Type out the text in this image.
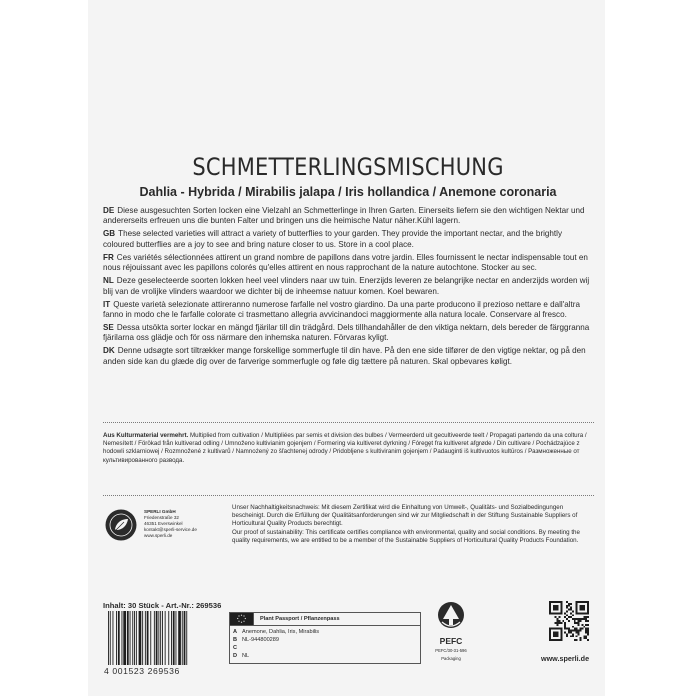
SCHMETTERLINGSMISCHUNG
Dahlia - Hybrida / Mirabilis jalapa / Iris hollandica / Anemone coronaria
DE Diese ausgesuchten Sorten locken eine Vielzahl an Schmetterlinge in Ihren Garten. Einerseits liefern sie den wichtigen Nektar und andererseits erfreuen uns die bunten Falter und bringen uns die heimische Natur näher.Kühl lagern.
GB These selected varieties will attract a variety of butterflies to your garden. They provide the important nectar, and the brightly coloured butterflies are a joy to see and bring nature closer to us. Store in a cool place.
FR Ces variétés sélectionnées attirent un grand nombre de papillons dans votre jardin. Elles fournissent le nectar indispensable tout en nous réjouissant avec les papillons colorés qu'elles attirent en nous rapprochant de la nature autochtone. Stocker au sec.
NL Deze geselecteerde soorten lokken heel veel vlinders naar uw tuin. Enerzijds leveren ze belangrijke nectar en anderzijds worden wij blij van de vrolijke vlinders waardoor we dichter bij de inheemse natuur komen. Koel bewaren.
IT Queste varietà selezionate attireranno numerose farfalle nel vostro giardino. Da una parte producono il prezioso nettare e dall'altra fanno in modo che le farfalle colorate ci trasmettano allegria avvicinandoci maggiormente alla natura locale. Conservare al fresco.
SE Dessa utsökta sorter lockar en mängd fjärilar till din trädgård. Dels tillhandahåller de den viktiga nektarn, dels bereder de färggranna fjärilarna oss glädje och för oss närmare den inhemska naturen. Förvaras kyligt.
DK Denne udsøgte sort tiltrækker mange forskellige sommerfugle til din have. På den ene side tilfører de den vigtige nektar, og på den anden side kan du glæde dig over de farverige sommerfugle og føle dig tættere på naturen. Skal opbevares køligt.
Aus Kulturmaterial vermehrt. Multiplied from cultivation / Multipliées par semis et division des bulbes / Vermeerderd uit gecultiveerde teelt / Propagati partendo da una coltura / Nemesített / Förökad från kultiverad odling / Umnoženo kultivianim gojenjem / Formering via kultiveret dyrkning / Fóregęt fra kultiveret afgrøde / Din cultivare / Pochádzajúce z hodowli szklarniowej / Rozmnožené z kultivarů / Namnożený zo šľachtenej odrody / Pridobljene s kultiviranim gojenjem / Padauginti iš kultivuotos kultūros / Размноженные от культивированного развода.
SPERLI GmbH
Friedenstraße 32
46351 Everswinkel
kontakt@sperli-service.de
www.sperli.de

Unser Nachhaltigkeitsnachweis: Mit diesem Zertifikat wird die Einhaltung von Umwelt-, Qualitäts- und Sozialbedingungen bescheinigt. Durch die Erfüllung der Qualitätsanforderungen sind wir zur Mitgliedschaft in der Stiftung Sustainable Suppliers of Horticultural Quality Products berechtigt.

Our proof of sustainability: This certificate certifies compliance with environmental, quality and social conditions. By meeting the quality requirements, we are entitled to be a member of the Sustainable Suppliers of Horticultural Quality Products Foundation.

Inhalt: 30 Stück - Art.-Nr.: 269536
4 001523 269536
Plant Passport / Pflanzenpass
A Anemone, Dahlia, Iris, Mirabilis
B NL-944800289
C
D NL
PEFC
PEFC/30-31-596
Packaging	www.sperli.de
